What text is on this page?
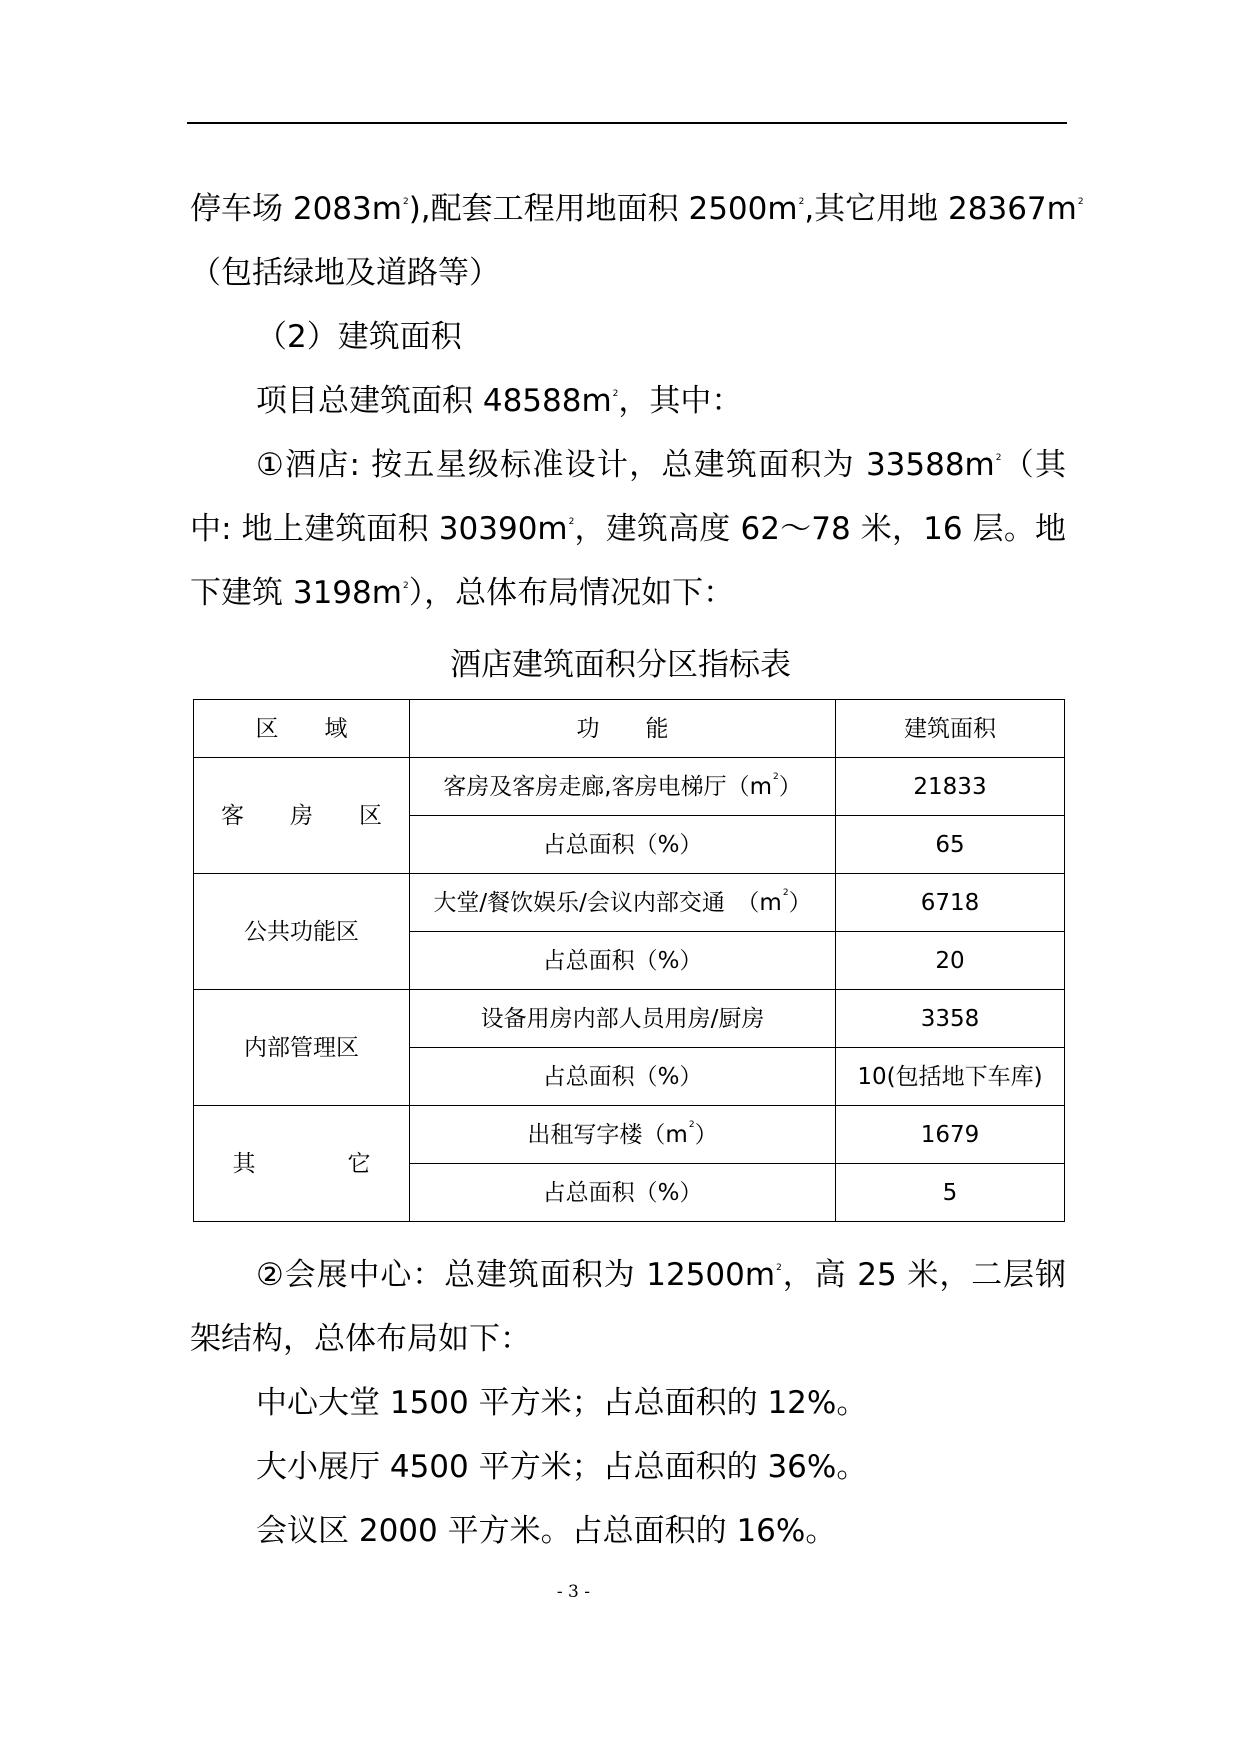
停车场 $2083m^2$),配套工程用地面积 $2500m^2$,其它用地 $28367m^2$

（包括绿地及道路等）

（2）建筑面积

项目总建筑面积 $48588m^2$，其中：

①酒店: 按五星级标准设计，总建筑面积为 $33588m^2$（其

中: 地上建筑面积 $30390m^2$，建筑高度 62～78 米，16 层。地

下建筑 $3198m^2$），总体布局情况如下：

酒店建筑面积分区指标表
区　　域	功　　能	建筑面积
客　　房　　区	客房及客房走廊,客房电梯厅$(m^2)$	21833
	占总面积（%）	65
公共功能区	大堂/餐饮娱乐/会议内部交通　$(m^2)$	6718
	占总面积（%）	20
内部管理区	设备用房内部人员用房/厨房	3358
	占总面积（%）	10(包括地下车库)
其　　　　它	出租写字楼$(m^2)$	1679
	占总面积（%）	5

②会展中心：总建筑面积为 $12500m^2$，高 25 米，二层钢

架结构，总体布局如下：

中心大堂 1500 平方米；占总面积的 12%。

大小展厅 4500 平方米；占总面积的 36%。

会议区 2000 平方米。占总面积的 16%。

- 3 -
